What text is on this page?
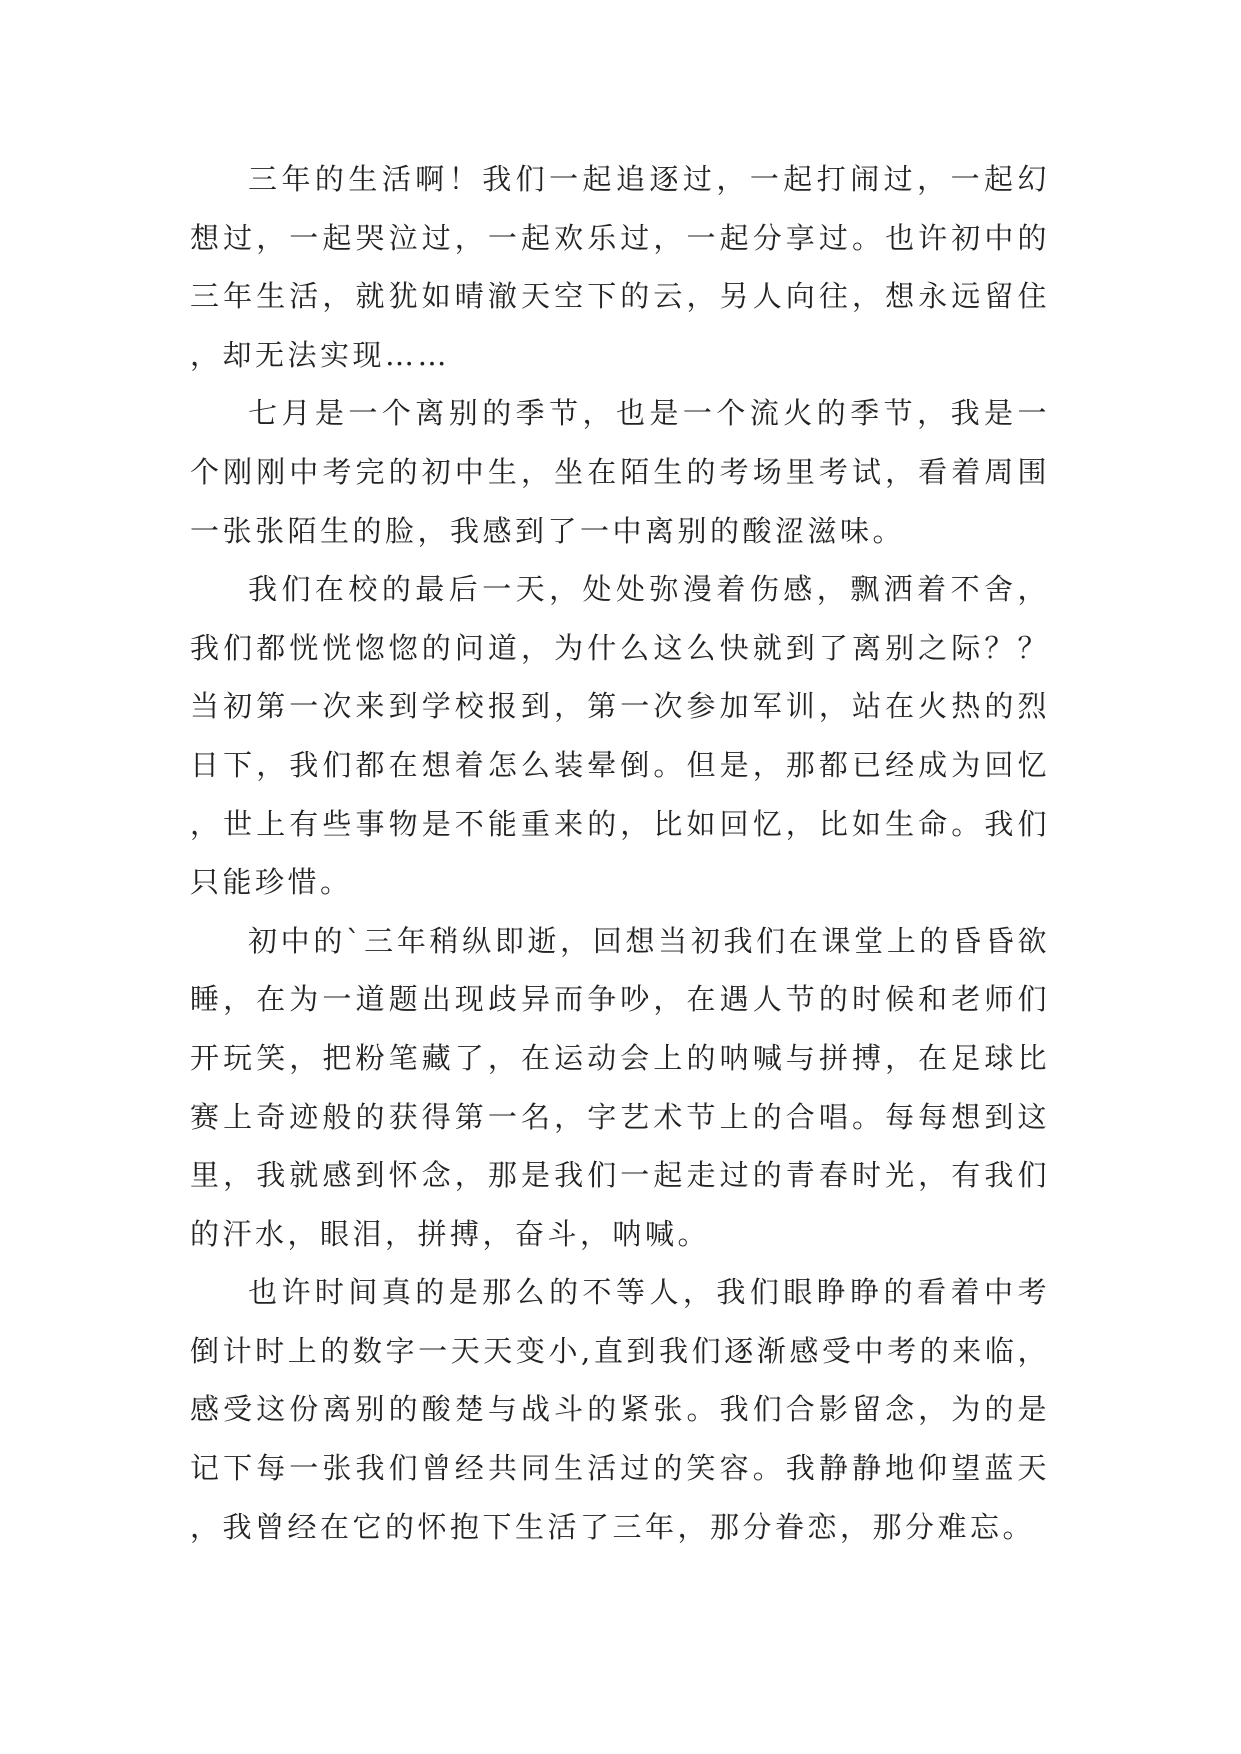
三年的生活啊！我们一起追逐过，一起打闹过，一起幻想过，一起哭泣过，一起欢乐过，一起分享过。也许初中的三年生活，就犹如晴澈天空下的云，另人向往，想永远留住，却无法实现……

七月是一个离别的季节，也是一个流火的季节，我是一个刚刚中考完的初中生，坐在陌生的考场里考试，看着周围一张张陌生的脸，我感到了一中离别的酸涩滋味。

我们在校的最后一天，处处弥漫着伤感，飘洒着不舍，我们都恍恍惚惚的问道，为什么这么快就到了离别之际？？当初第一次来到学校报到，第一次参加军训，站在火热的烈日下，我们都在想着怎么装晕倒。但是，那都已经成为回忆，世上有些事物是不能重来的，比如回忆，比如生命。我们只能珍惜。

初中的`三年稍纵即逝，回想当初我们在课堂上的昏昏欲睡，在为一道题出现歧异而争吵，在遇人节的时候和老师们开玩笑，把粉笔藏了，在运动会上的呐喊与拼搏，在足球比赛上奇迹般的获得第一名，字艺术节上的合唱。每每想到这里，我就感到怀念，那是我们一起走过的青春时光，有我们的汗水，眼泪，拼搏，奋斗，呐喊。

也许时间真的是那么的不等人，我们眼睁睁的看着中考倒计时上的数字一天天变小,直到我们逐渐感受中考的来临，感受这份离别的酸楚与战斗的紧张。我们合影留念，为的是记下每一张我们曾经共同生活过的笑容。我静静地仰望蓝天，我曾经在它的怀抱下生活了三年，那分眷恋，那分难忘。
